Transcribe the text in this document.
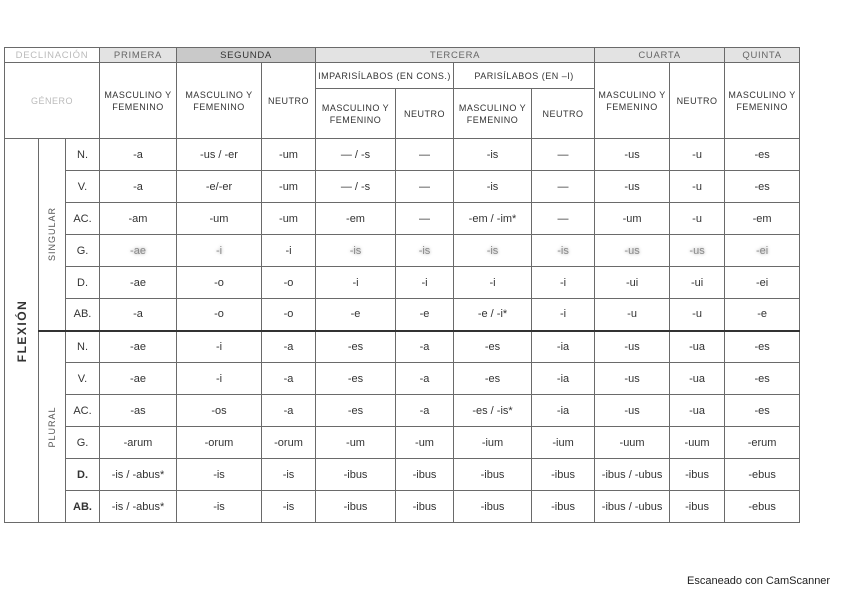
DECLINACIÓN			PRIMERA	SEGUNDA		TERCERA				CUARTA		QUINTA
GÉNERO			MASCULINO Y FEMENINO	MASCULINO Y FEMENINO	NEUTRO	IMPARISÍLABOS (EN CONS.)		PARISÍLABOS (EN –I)		MASCULINO Y FEMENINO	NEUTRO	MASCULINO Y FEMENINO
						MASCULINO Y FEMENINO	NEUTRO	MASCULINO Y FEMENINO	NEUTRO			

FLEXIÓN	SINGULAR	N.	-a	-us / -er	-um	— / -s	—	-is	—	-us	-u	-es
		V.	-a	-e/-er	-um	— / -s	—	-is	—	-us	-u	-es
		AC.	-am	-um	-um	-em	—	-em / -im*	—	-um	-u	-em
		G.	-ae	-i	-i	-is	-is	-is	-is	-us	-us	-ei
		D.	-ae	-o	-o	-i	-i	-i	-i	-ui	-ui	-ei
		AB.	-a	-o	-o	-e	-e	-e / -i*	-i	-u	-u	-e

	PLURAL	N.	-ae	-i	-a	-es	-a	-es	-ia	-us	-ua	-es
		V.	-ae	-i	-a	-es	-a	-es	-ia	-us	-ua	-es
		AC.	-as	-os	-a	-es	-a	-es / -is*	-ia	-us	-ua	-es
		G.	-arum	-orum	-orum	-um	-um	-ium	-ium	-uum	-uum	-erum
		D.	-is / -abus*	-is	-is	-ibus	-ibus	-ibus	-ibus	-ibus / -ubus	-ibus	-ebus
		AB.	-is / -abus*	-is	-is	-ibus	-ibus	-ibus	-ibus	-ibus / -ubus	-ibus	-ebus
Escaneado con CamScanner
